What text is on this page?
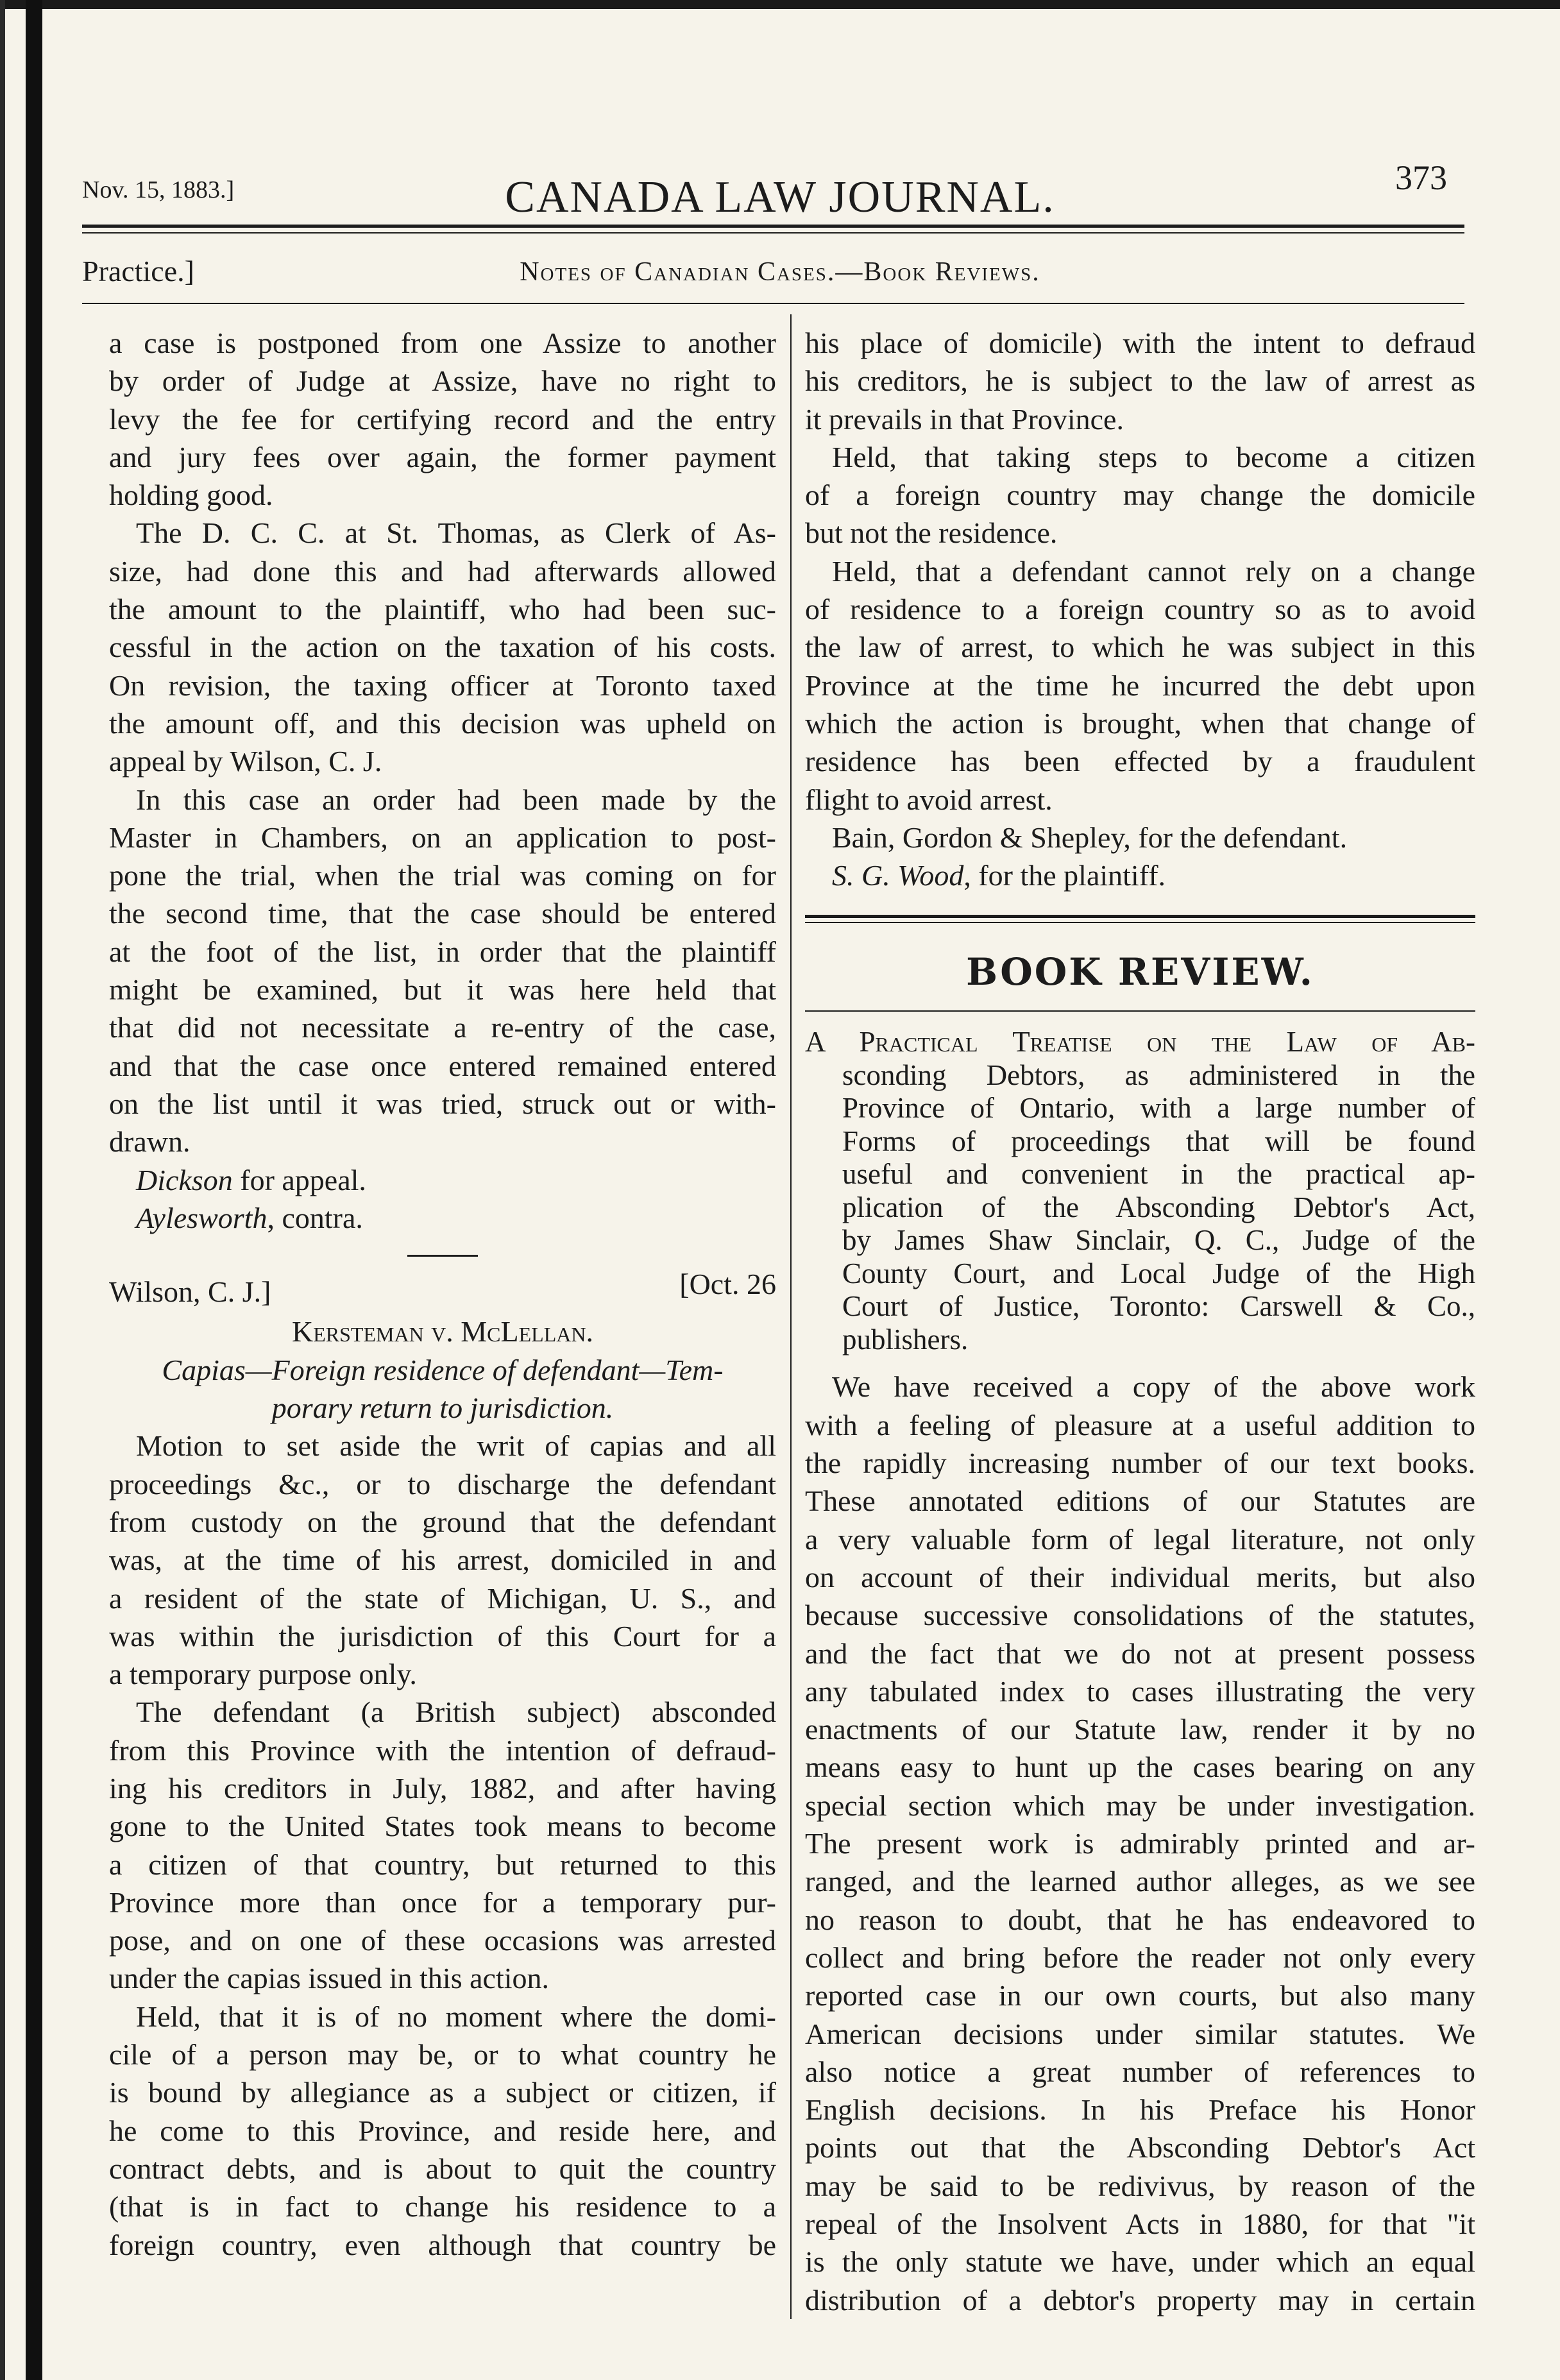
Nov. 15, 1883.]	CANADA LAW JOURNAL.	373
Practice.]	Notes of Canadian Cases.—Book Reviews.
a case is postponed from one Assize to another
by order of Judge at Assize, have no right to
levy the fee for certifying record and the entry
and jury fees over again, the former payment
holding good.
The D. C. C. at St. Thomas, as Clerk of As-
size, had done this and had afterwards allowed
the amount to the plaintiff, who had been suc-
cessful in the action on the taxation of his costs.
On revision, the taxing officer at Toronto taxed
the amount off, and this decision was upheld on
appeal by Wilson, C. J.
In this case an order had been made by the
Master in Chambers, on an application to post-
pone the trial, when the trial was coming on for
the second time, that the case should be entered
at the foot of the list, in order that the plaintiff
might be examined, but it was here held that
that did not necessitate a re-entry of the case,
and that the case once entered remained entered
on the list until it was tried, struck out or with-
drawn.
Dickson for appeal.
Aylesworth, contra.
Wilson, C. J.]	[Oct. 26
Kersteman v. McLellan.
Capias—Foreign residence of defendant—Tem-
porary return to jurisdiction.
Motion to set aside the writ of capias and all
proceedings &c., or to discharge the defendant
from custody on the ground that the defendant
was, at the time of his arrest, domiciled in and
a resident of the state of Michigan, U. S., and
was within the jurisdiction of this Court for a
a temporary purpose only.
The defendant (a British subject) absconded
from this Province with the intention of defraud-
ing his creditors in July, 1882, and after having
gone to the United States took means to become
a citizen of that country, but returned to this
Province more than once for a temporary pur-
pose, and on one of these occasions was arrested
under the capias issued in this action.
Held, that it is of no moment where the domi-
cile of a person may be, or to what country he
is bound by allegiance as a subject or citizen, if
he come to this Province, and reside here, and
contract debts, and is about to quit the country
(that is in fact to change his residence to a
foreign country, even although that country be
his place of domicile) with the intent to defraud
his creditors, he is subject to the law of arrest as
it prevails in that Province.
Held, that taking steps to become a citizen
of a foreign country may change the domicile
but not the residence.
Held, that a defendant cannot rely on a change
of residence to a foreign country so as to avoid
the law of arrest, to which he was subject in this
Province at the time he incurred the debt upon
which the action is brought, when that change of
residence has been effected by a fraudulent
flight to avoid arrest.
Bain, Gordon & Shepley, for the defendant.
S. G. Wood, for the plaintiff.
BOOK REVIEW.
A Practical Treatise on the Law of Ab-
sconding Debtors, as administered in the
Province of Ontario, with a large number of
Forms of proceedings that will be found
useful and convenient in the practical ap-
plication of the Absconding Debtor's Act,
by James Shaw Sinclair, Q. C., Judge of the
County Court, and Local Judge of the High
Court of Justice, Toronto: Carswell & Co.,
publishers.
We have received a copy of the above work
with a feeling of pleasure at a useful addition to
the rapidly increasing number of our text books.
These annotated editions of our Statutes are
a very valuable form of legal literature, not only
on account of their individual merits, but also
because successive consolidations of the statutes,
and the fact that we do not at present possess
any tabulated index to cases illustrating the very
enactments of our Statute law, render it by no
means easy to hunt up the cases bearing on any
special section which may be under investigation.
The present work is admirably printed and ar-
ranged, and the learned author alleges, as we see
no reason to doubt, that he has endeavored to
collect and bring before the reader not only every
reported case in our own courts, but also many
American decisions under similar statutes. We
also notice a great number of references to
English decisions. In his Preface his Honor
points out that the Absconding Debtor's Act
may be said to be redivivus, by reason of the
repeal of the Insolvent Acts in 1880, for that "it
is the only statute we have, under which an equal
distribution of a debtor's property may in certain
